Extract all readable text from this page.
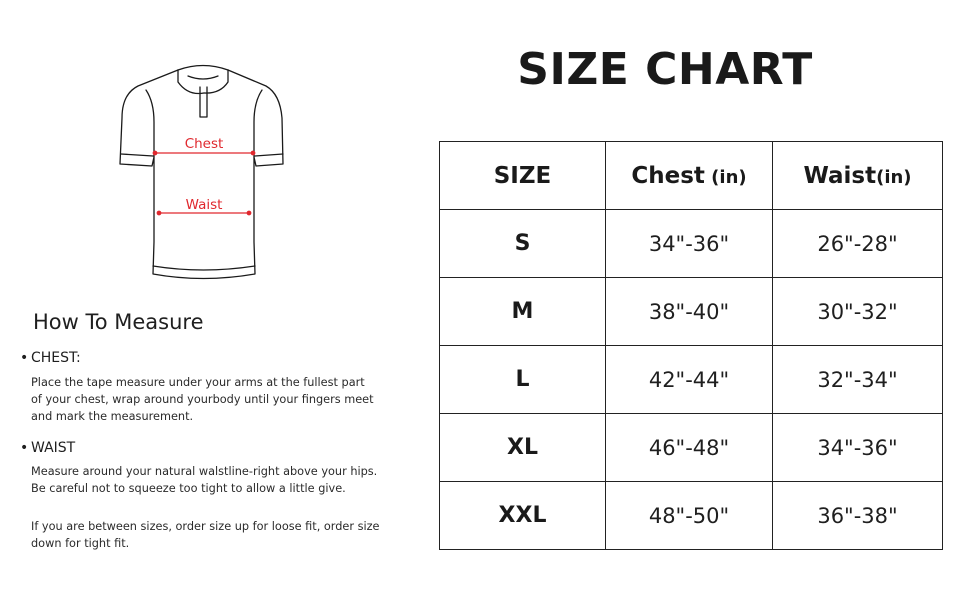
Chest
Waist
How To Measure
• CHEST:

Place the tape measure under your arms at the fullest part
of your chest, wrap around yourbody until your fingers meet
and mark the measurement.

• WAIST

Measure around your natural walstline-right above your hips.
Be careful not to squeeze too tight to allow a little give.

If you are between sizes, order size up for loose fit, order size
down for tight fit.

SIZE CHART
SIZE	Chest (in)	Waist(in)
S	34"-36"	26"-28"
M	38"-40"	30"-32"
L	42"-44"	32"-34"
XL	46"-48"	34"-36"
XXL	48"-50"	36"-38"
